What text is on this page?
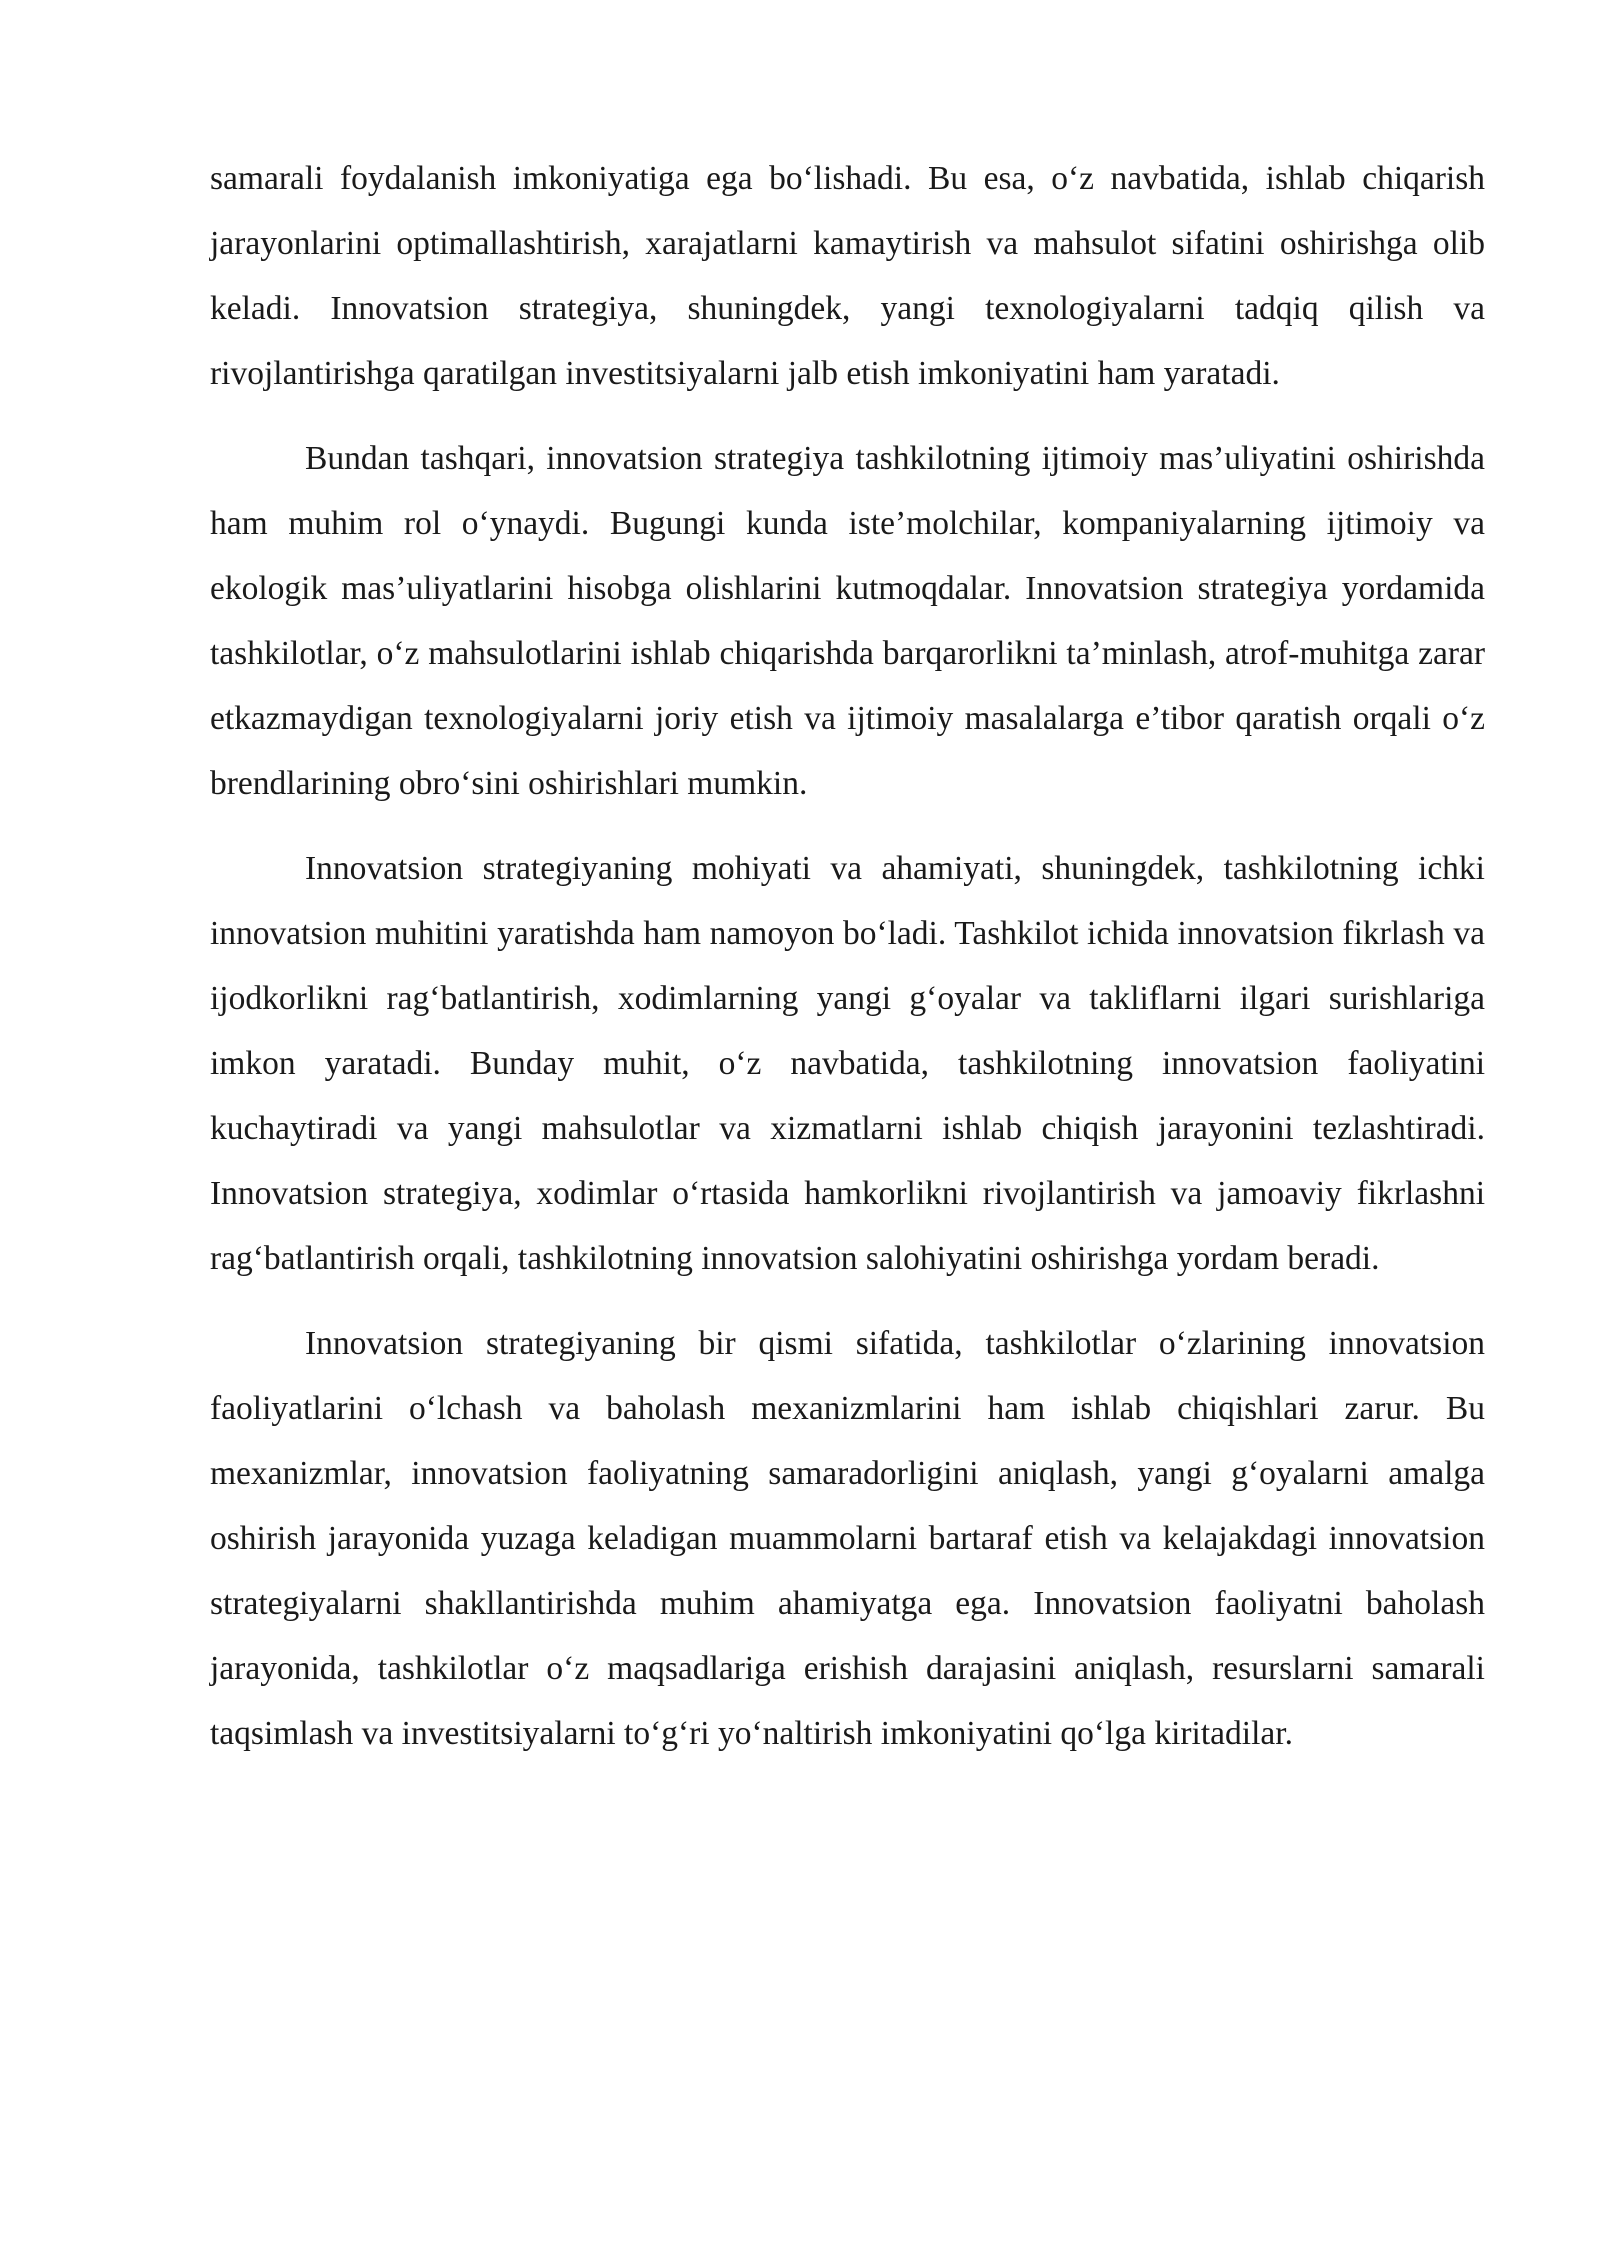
samarali foydalanish imkoniyatiga ega bo‘lishadi. Bu esa, o‘z navbatida, ishlab chiqarish jarayonlarini optimallashtirish, xarajatlarni kamaytirish va mahsulot sifatini oshirishga olib keladi. Innovatsion strategiya, shuningdek, yangi texnologiyalarni tadqiq qilish va rivojlantirishga qaratilgan investitsiyalarni jalb etish imkoniyatini ham yaratadi.

Bundan tashqari, innovatsion strategiya tashkilotning ijtimoiy mas’uliyatini oshirishda ham muhim rol o‘ynaydi. Bugungi kunda iste’molchilar, kompaniyalarning ijtimoiy va ekologik mas’uliyatlarini hisobga olishlarini kutmoqdalar. Innovatsion strategiya yordamida tashkilotlar, o‘z mahsulotlarini ishlab chiqarishda barqarorlikni ta’minlash, atrof-muhitga zarar etkazmaydigan texnologiyalarni joriy etish va ijtimoiy masalalarga e’tibor qaratish orqali o‘z brendlarining obro‘sini oshirishlari mumkin.

Innovatsion strategiyaning mohiyati va ahamiyati, shuningdek, tashkilotning ichki innovatsion muhitini yaratishda ham namoyon bo‘ladi. Tashkilot ichida innovatsion fikrlash va ijodkorlikni rag‘batlantirish, xodimlarning yangi g‘oyalar va takliflarni ilgari surishlariga imkon yaratadi. Bunday muhit, o‘z navbatida, tashkilotning innovatsion faoliyatini kuchaytiradi va yangi mahsulotlar va xizmatlarni ishlab chiqish jarayonini tezlashtiradi. Innovatsion strategiya, xodimlar o‘rtasida hamkorlikni rivojlantirish va jamoaviy fikrlashni rag‘batlantirish orqali, tashkilotning innovatsion salohiyatini oshirishga yordam beradi.

Innovatsion strategiyaning bir qismi sifatida, tashkilotlar o‘zlarining innovatsion faoliyatlarini o‘lchash va baholash mexanizmlarini ham ishlab chiqishlari zarur. Bu mexanizmlar, innovatsion faoliyatning samaradorligini aniqlash, yangi g‘oyalarni amalga oshirish jarayonida yuzaga keladigan muammolarni bartaraf etish va kelajakdagi innovatsion strategiyalarni shakllantirishda muhim ahamiyatga ega. Innovatsion faoliyatni baholash jarayonida, tashkilotlar o‘z maqsadlariga erishish darajasini aniqlash, resurslarni samarali taqsimlash va investitsiyalarni to‘g‘ri yo‘naltirish imkoniyatini qo‘lga kiritadilar.
